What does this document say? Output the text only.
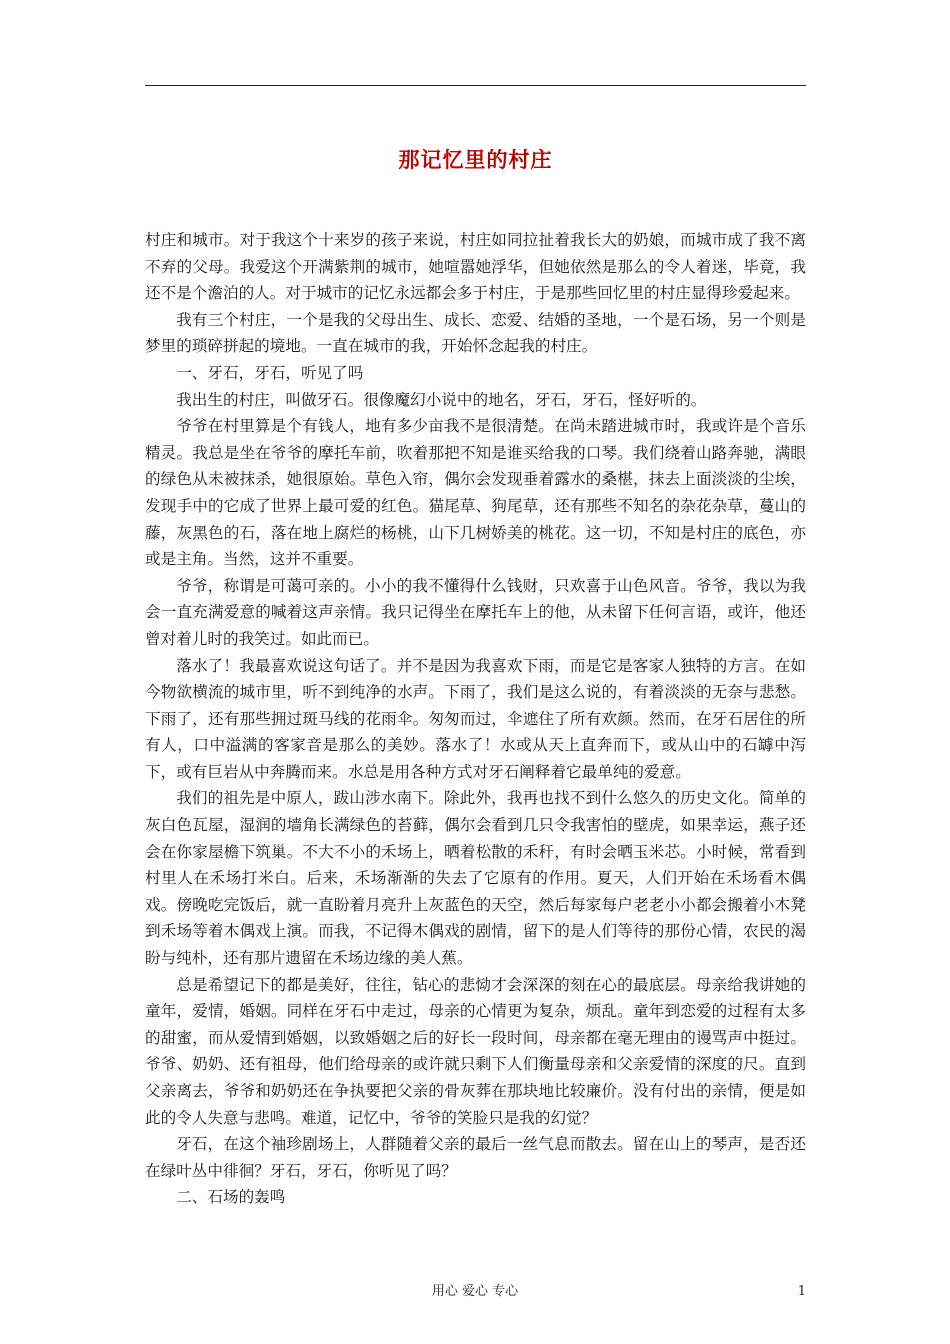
那记忆里的村庄

村庄和城市。对于我这个十来岁的孩子来说，村庄如同拉扯着我长大的奶娘，而城市成了我不离不弃的父母。我爱这个开满紫荆的城市，她喧嚣她浮华，但她依然是那么的令人着迷，毕竟，我还不是个澹泊的人。对于城市的记忆永远都会多于村庄，于是那些回忆里的村庄显得珍爱起来。

我有三个村庄，一个是我的父母出生、成长、恋爱、结婚的圣地，一个是石场，另一个则是梦里的琐碎拼起的境地。一直在城市的我，开始怀念起我的村庄。

一、牙石，牙石，听见了吗

我出生的村庄，叫做牙石。很像魔幻小说中的地名，牙石，牙石，怪好听的。

爷爷在村里算是个有钱人，地有多少亩我不是很清楚。在尚未踏进城市时，我或许是个音乐精灵。我总是坐在爷爷的摩托车前，吹着那把不知是谁买给我的口琴。我们绕着山路奔驰，满眼的绿色从未被抹杀，她很原始。草色入帘，偶尔会发现垂着露水的桑椹，抹去上面淡淡的尘埃，发现手中的它成了世界上最可爱的红色。猫尾草、狗尾草，还有那些不知名的杂花杂草，蔓山的藤，灰黑色的石，落在地上腐烂的杨桃，山下几树娇美的桃花。这一切，不知是村庄的底色，亦或是主角。当然，这并不重要。

爷爷，称谓是可蔼可亲的。小小的我不懂得什么钱财，只欢喜于山色风音。爷爷，我以为我会一直充满爱意的喊着这声亲情。我只记得坐在摩托车上的他，从未留下任何言语，或许，他还曾对着儿时的我笑过。如此而已。

落水了！我最喜欢说这句话了。并不是因为我喜欢下雨，而是它是客家人独特的方言。在如今物欲横流的城市里，听不到纯净的水声。下雨了，我们是这么说的，有着淡淡的无奈与悲愁。下雨了，还有那些拥过斑马线的花雨伞。匆匆而过，伞遮住了所有欢颜。然而，在牙石居住的所有人，口中溢满的客家音是那么的美妙。落水了！水或从天上直奔而下，或从山中的石罅中泻下，或有巨岩从中奔腾而来。水总是用各种方式对牙石阐释着它最单纯的爱意。

我们的祖先是中原人，跋山涉水南下。除此外，我再也找不到什么悠久的历史文化。简单的灰白色瓦屋，湿润的墙角长满绿色的苔藓，偶尔会看到几只令我害怕的壁虎，如果幸运，燕子还会在你家屋檐下筑巢。不大不小的禾场上，晒着松散的禾秆，有时会晒玉米芯。小时候，常看到村里人在禾场打米白。后来，禾场渐渐的失去了它原有的作用。夏天，人们开始在禾场看木偶戏。傍晚吃完饭后，就一直盼着月亮升上灰蓝色的天空，然后每家每户老老小小都会搬着小木凳到禾场等着木偶戏上演。而我，不记得木偶戏的剧情，留下的是人们等待的那份心情，农民的渴盼与纯朴，还有那片遗留在禾场边缘的美人蕉。

总是希望记下的都是美好，往往，钻心的悲恸才会深深的刻在心的最底层。母亲给我讲她的童年，爱情，婚姻。同样在牙石中走过，母亲的心情更为复杂，烦乱。童年到恋爱的过程有太多的甜蜜，而从爱情到婚姻，以致婚姻之后的好长一段时间，母亲都在毫无理由的谩骂声中挺过。爷爷、奶奶、还有祖母，他们给母亲的或许就只剩下人们衡量母亲和父亲爱情的深度的尺。直到父亲离去，爷爷和奶奶还在争执要把父亲的骨灰葬在那块地比较廉价。没有付出的亲情，便是如此的令人失意与悲鸣。难道，记忆中，爷爷的笑脸只是我的幻觉？

牙石，在这个袖珍剧场上，人群随着父亲的最后一丝气息而散去。留在山上的琴声，是否还在绿叶丛中徘徊？牙石，牙石，你听见了吗？

二、石场的轰鸣

用心 爱心 专心	1
